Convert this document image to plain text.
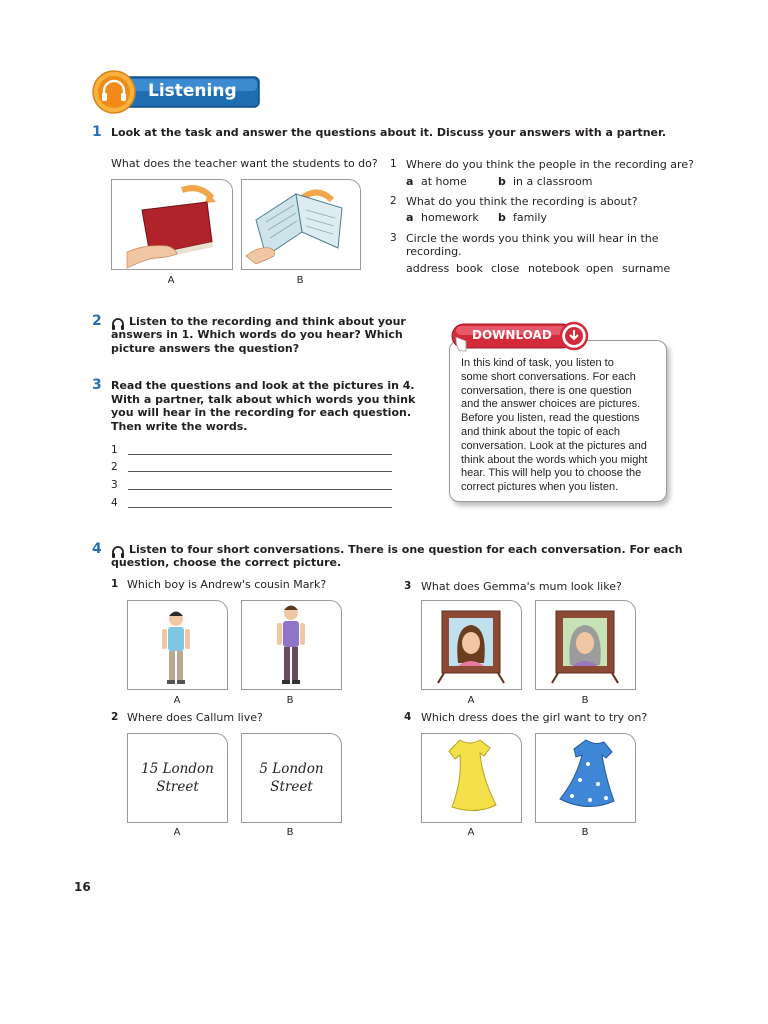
Listening
1 Look at the task and answer the questions about it. Discuss your answers with a partner.
What does the teacher want the students to do?
A	B
1 Where do you think the people in the recording are?
a at home	b in a classroom
2 What do you think the recording is about?
a homework b family
3 Circle the words you think you will hear in the
recording.
address book close notebook open surname
2 Listen to the recording and think about your
answers in 1. Which words do you hear? Which
picture answers the question?
3 Read the questions and look at the pictures in 4.
With a partner, talk about which words you think
you will hear in the recording for each question.
Then write the words.
1
2
3
4
DOWNLOAD
In this kind of task, you listen to
some short conversations. For each
conversation, there is one question
and the answer choices are pictures.
Before you listen, read the questions
and think about the topic of each
conversation. Look at the pictures and
think about the words which you might
hear. This will help you to choose the
correct pictures when you listen.
4 Listen to four short conversations. There is one question for each conversation. For each
question, choose the correct picture.
1 Which boy is Andrew's cousin Mark?
A	B
2 Where does Callum live?
15 London
Street
5 London
Street
A	B
3 What does Gemma's mum look like?
A	B
4 Which dress does the girl want to try on?
A	B
16
